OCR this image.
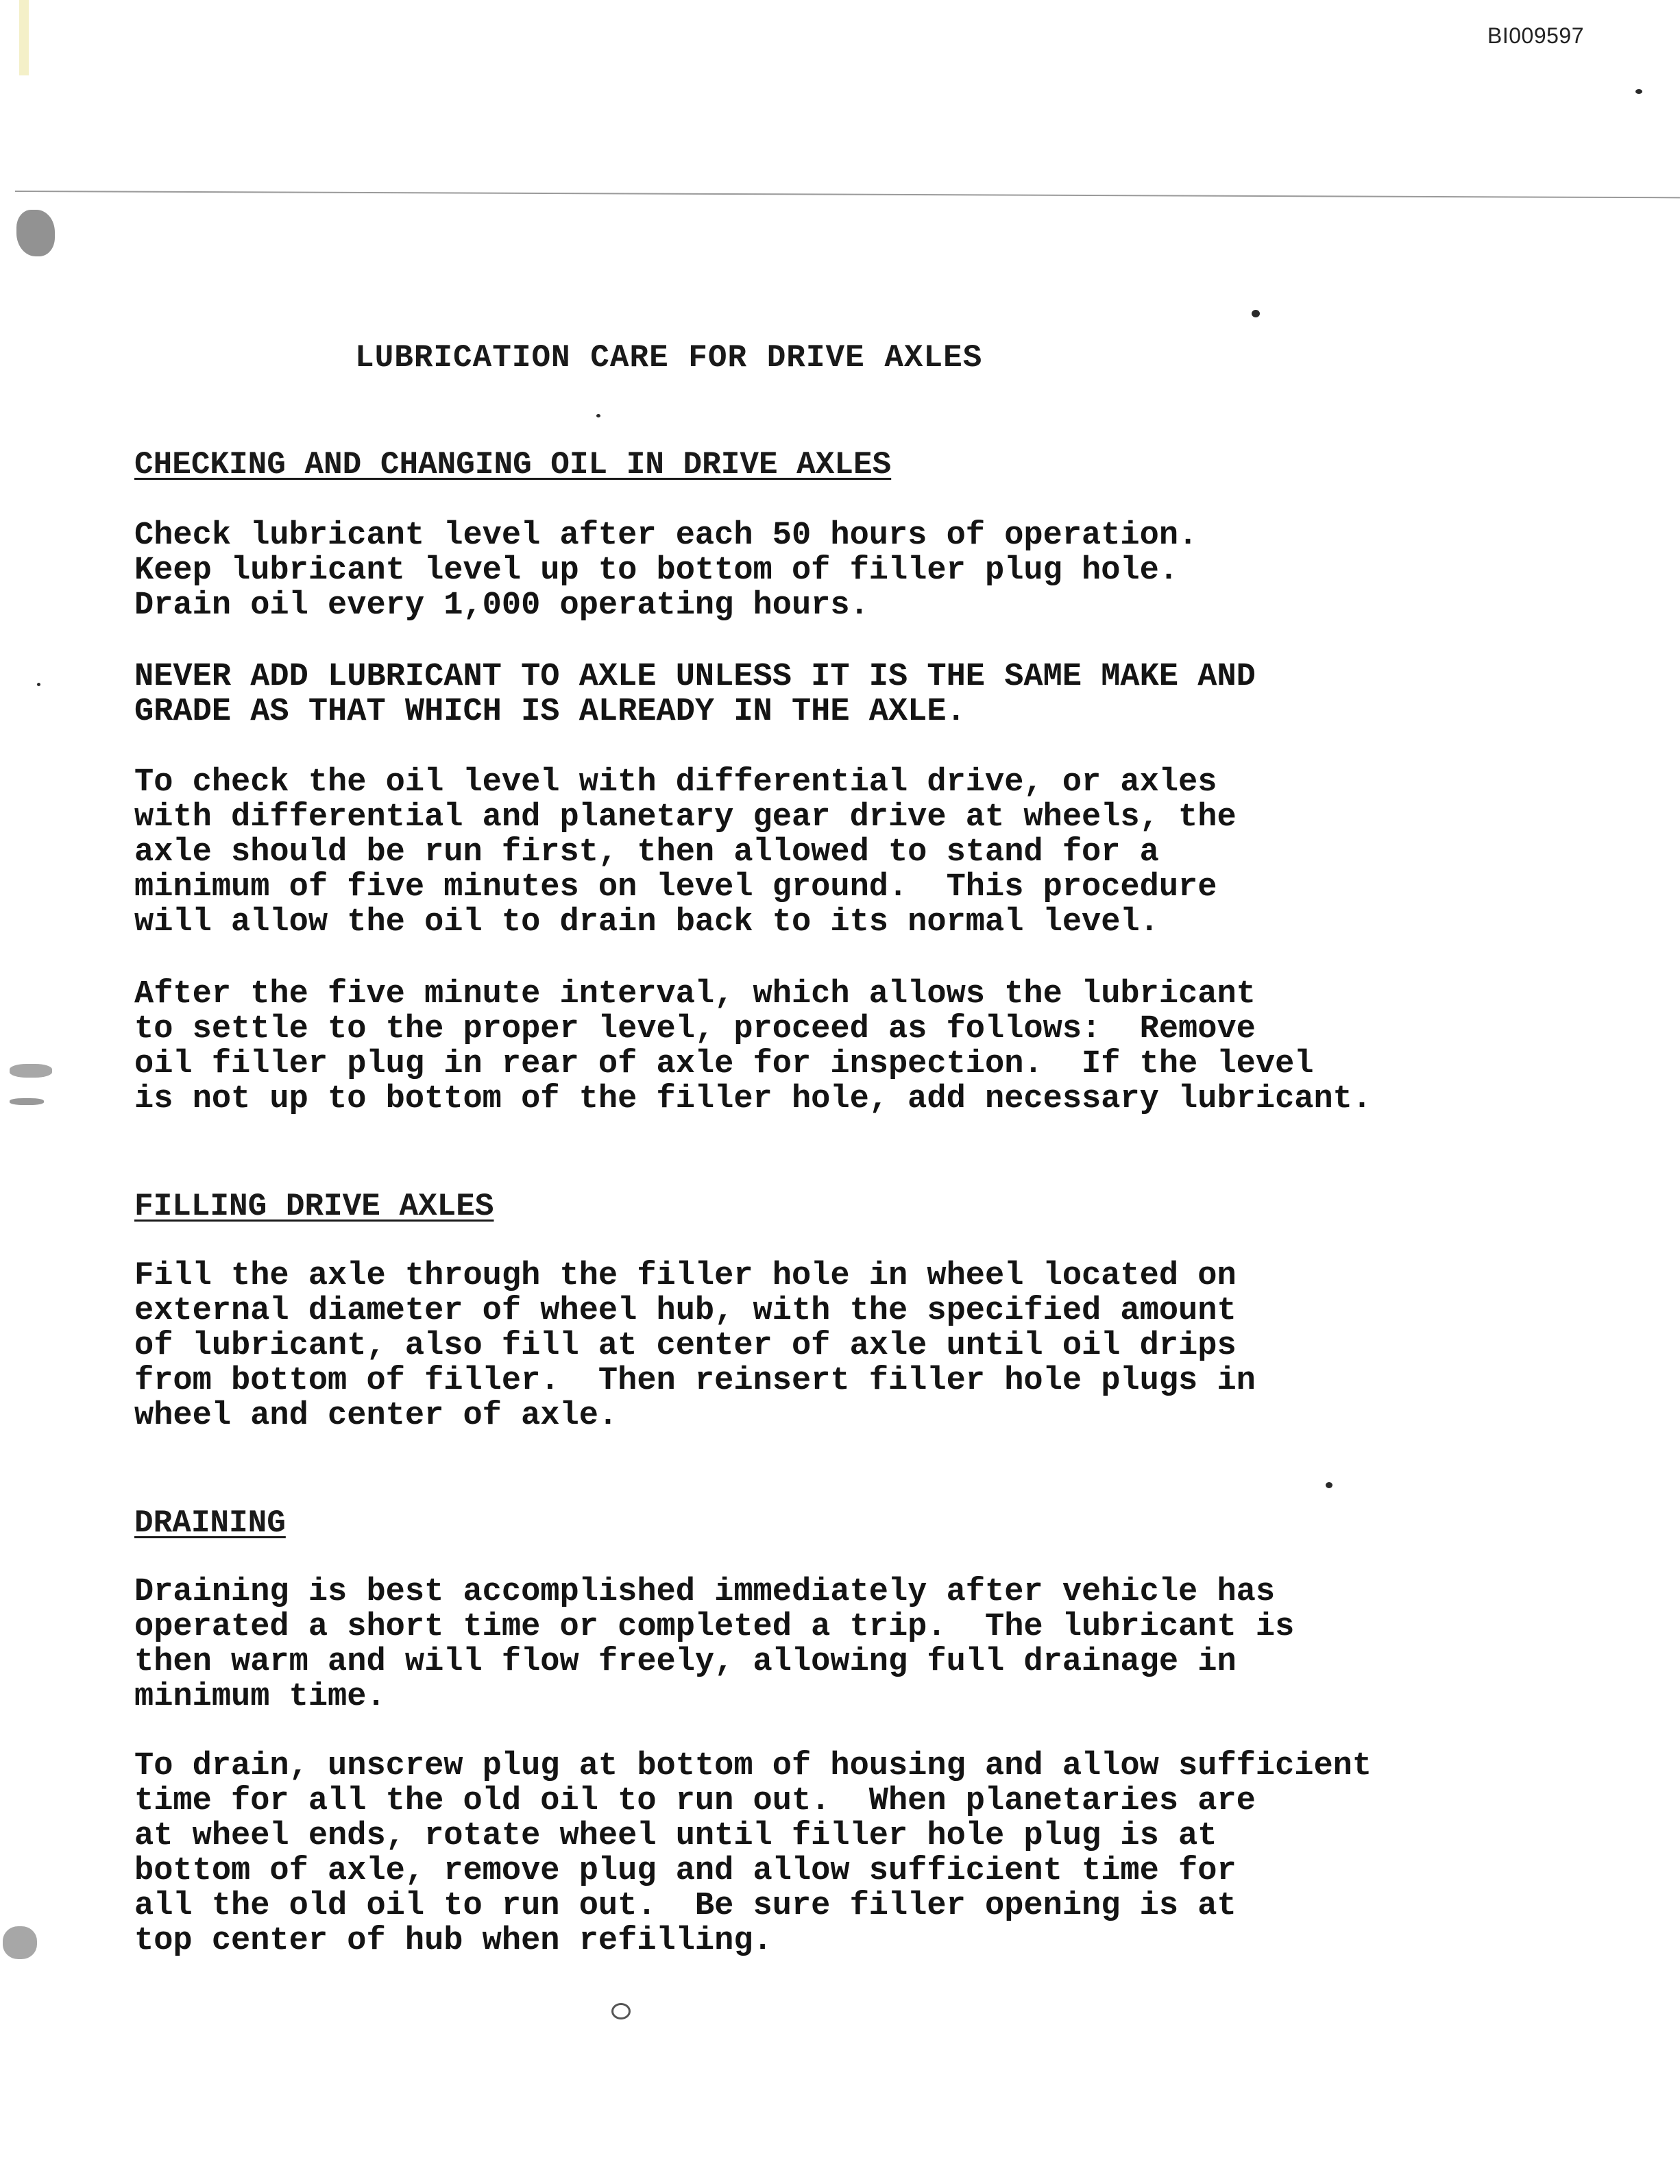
BI009597
LUBRICATION CARE FOR DRIVE AXLES
CHECKING AND CHANGING OIL IN DRIVE AXLES
Check lubricant level after each 50 hours of operation.
Keep lubricant level up to bottom of filler plug hole.
Drain oil every 1,000 operating hours.
NEVER ADD LUBRICANT TO AXLE UNLESS IT IS THE SAME MAKE AND
GRADE AS THAT WHICH IS ALREADY IN THE AXLE.
To check the oil level with differential drive, or axles
with differential and planetary gear drive at wheels, the
axle should be run first, then allowed to stand for a
minimum of five minutes on level ground.  This procedure
will allow the oil to drain back to its normal level.
After the five minute interval, which allows the lubricant
to settle to the proper level, proceed as follows:  Remove
oil filler plug in rear of axle for inspection.  If the level
is not up to bottom of the filler hole, add necessary lubricant.
FILLING DRIVE AXLES
Fill the axle through the filler hole in wheel located on
external diameter of wheel hub, with the specified amount
of lubricant, also fill at center of axle until oil drips
from bottom of filler.  Then reinsert filler hole plugs in
wheel and center of axle.
DRAINING
Draining is best accomplished immediately after vehicle has
operated a short time or completed a trip.  The lubricant is
then warm and will flow freely, allowing full drainage in
minimum time.
To drain, unscrew plug at bottom of housing and allow sufficient
time for all the old oil to run out.  When planetaries are
at wheel ends, rotate wheel until filler hole plug is at
bottom of axle, remove plug and allow sufficient time for
all the old oil to run out.  Be sure filler opening is at
top center of hub when refilling.
